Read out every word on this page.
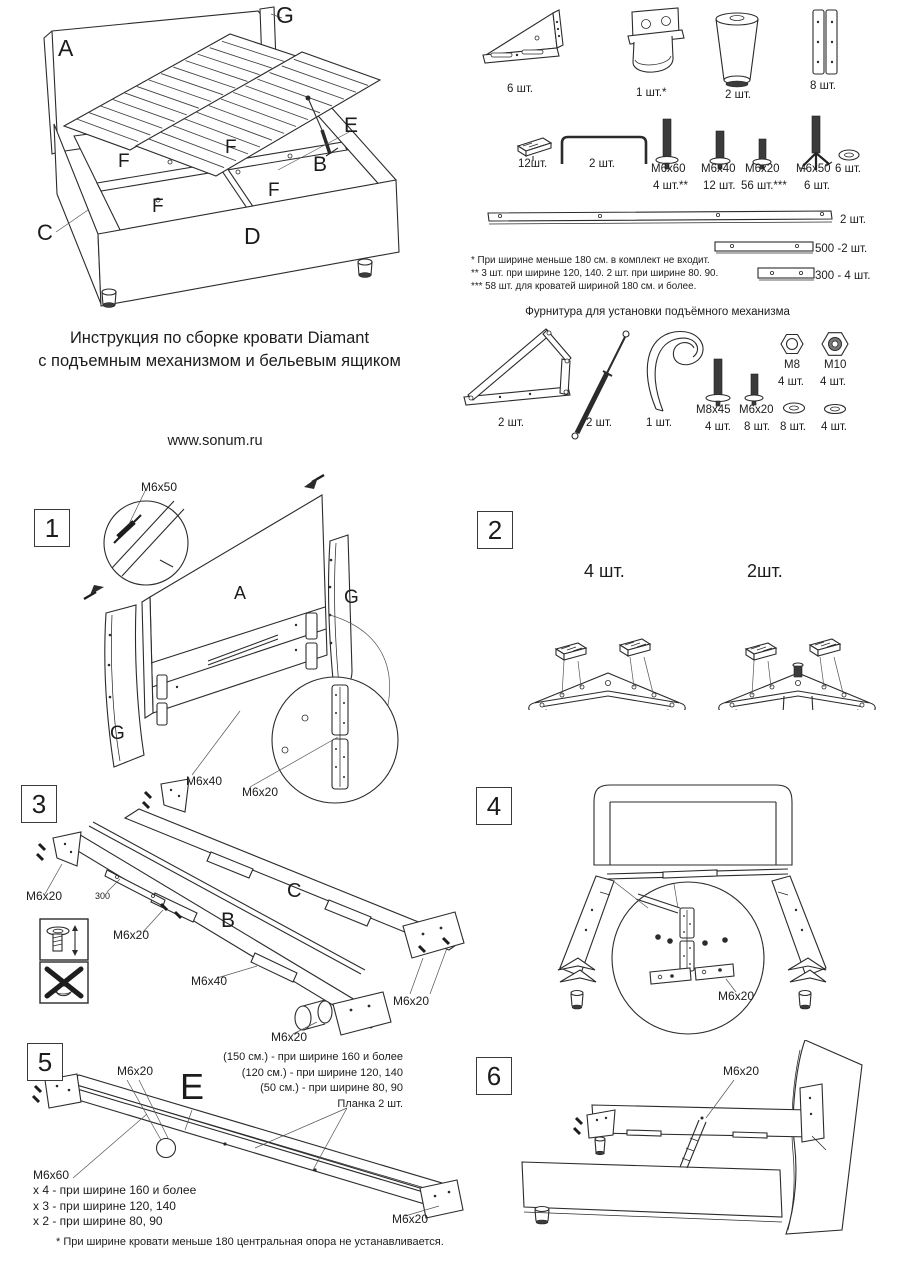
A
G
E
B
C	D
F
F
F
F
Инструкция по сборке кровати Diamant
с подъемным механизмом и бельевым ящиком
www.sonum.ru
6 шт.	1 шт.*	2 шт.
8 шт.
12шт.	2 шт.	M6x60
4 шт.**
M6x40
12 шт.
M6x20
56 шт.***
M6x50
6 шт.
6 шт.
2 шт.
500 -2 шт.
300 - 4 шт.
* При ширине меньше 180 см. в комплект не входит.
** 3 шт. при ширине 120, 140. 2 шт. при ширине 80. 90.
*** 58 шт. для кроватей шириной 180 см. и более.
Фурнитура для установки подъёмного механизма
2 шт.	2 шт.	1 шт.
M8x45
4 шт.
M6x20
8 шт.
M8
4 шт.
M10
4 шт.
8 шт. 4 шт.
1	2
3	4
5	6
M6x50
A	G
G
M6x40
M6x20
4 шт.	2шт.
M6x20	300
M6x20
B
C
M6x40
M6x20
M6x20	M6x20
M6x20 E
(150 см.) - при ширине 160 и более
(120 см.) - при ширине 120, 140
(50 см.) - при ширине 80, 90
Планка 2 шт.
M6x60
x 4 - при ширине 160 и более
x 3 - при ширине 120, 140
x 2 - при ширине 80, 90	M6x20
M6x20
* При ширине кровати меньше 180 центральная опора не устанавливается.
